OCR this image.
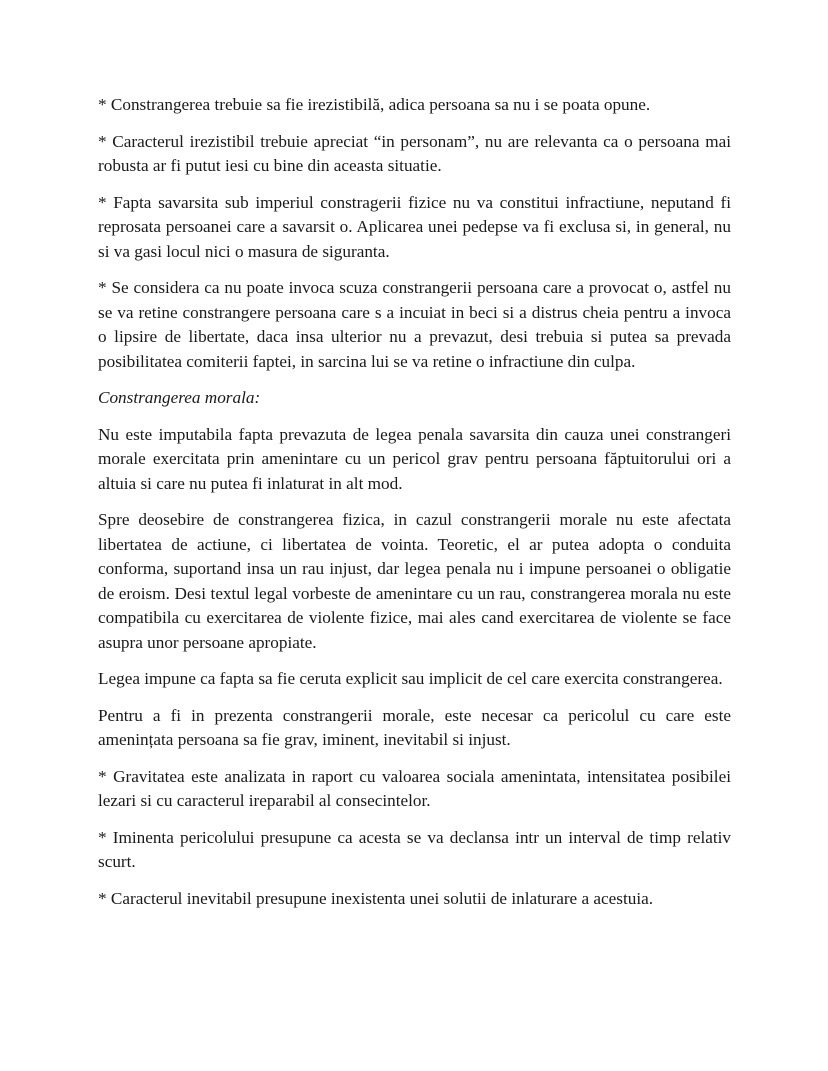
* Constrangerea trebuie sa fie irezistibilă, adica persoana sa nu i se poata opune.

* Caracterul irezistibil trebuie apreciat “in personam”, nu are relevanta ca o persoana mai robusta ar fi putut iesi cu bine din aceasta situatie.

* Fapta savarsita sub imperiul constragerii fizice nu va constitui infractiune, neputand fi reprosata persoanei care a savarsit o. Aplicarea unei pedepse va fi exclusa si, in general, nu si va gasi locul nici o masura de siguranta.

* Se considera ca nu poate invoca scuza constrangerii persoana care a provocat o, astfel nu se va retine constrangere persoana care s a incuiat in beci si a distrus cheia pentru a invoca o lipsire de libertate, daca insa ulterior nu a prevazut, desi trebuia si putea sa prevada posibilitatea comiterii faptei, in sarcina lui se va retine o infractiune din culpa.

Constrangerea morala:

Nu este imputabila fapta prevazuta de legea penala savarsita din cauza unei constrangeri morale exercitata prin amenintare cu un pericol grav pentru persoana făptuitorului ori a altuia si care nu putea fi inlaturat in alt mod.

Spre deosebire de constrangerea fizica, in cazul constrangerii morale nu este afectata libertatea de actiune, ci libertatea de vointa. Teoretic, el ar putea adopta o conduita conforma, suportand insa un rau injust, dar legea penala nu i impune persoanei o obligatie de eroism. Desi textul legal vorbeste de amenintare cu un rau, constrangerea morala nu este compatibila cu exercitarea de violente fizice, mai ales cand exercitarea de violente se face asupra unor persoane apropiate.

Legea impune ca fapta sa fie ceruta explicit sau implicit de cel care exercita constrangerea.

Pentru a fi in prezenta constrangerii morale, este necesar ca pericolul cu care este amenințata persoana sa fie grav, iminent, inevitabil si injust.

* Gravitatea este analizata in raport cu valoarea sociala amenintata, intensitatea posibilei lezari si cu caracterul ireparabil al consecintelor.

* Iminenta pericolului presupune ca acesta se va declansa intr un interval de timp relativ scurt.

* Caracterul inevitabil presupune inexistenta unei solutii de inlaturare a acestuia.
